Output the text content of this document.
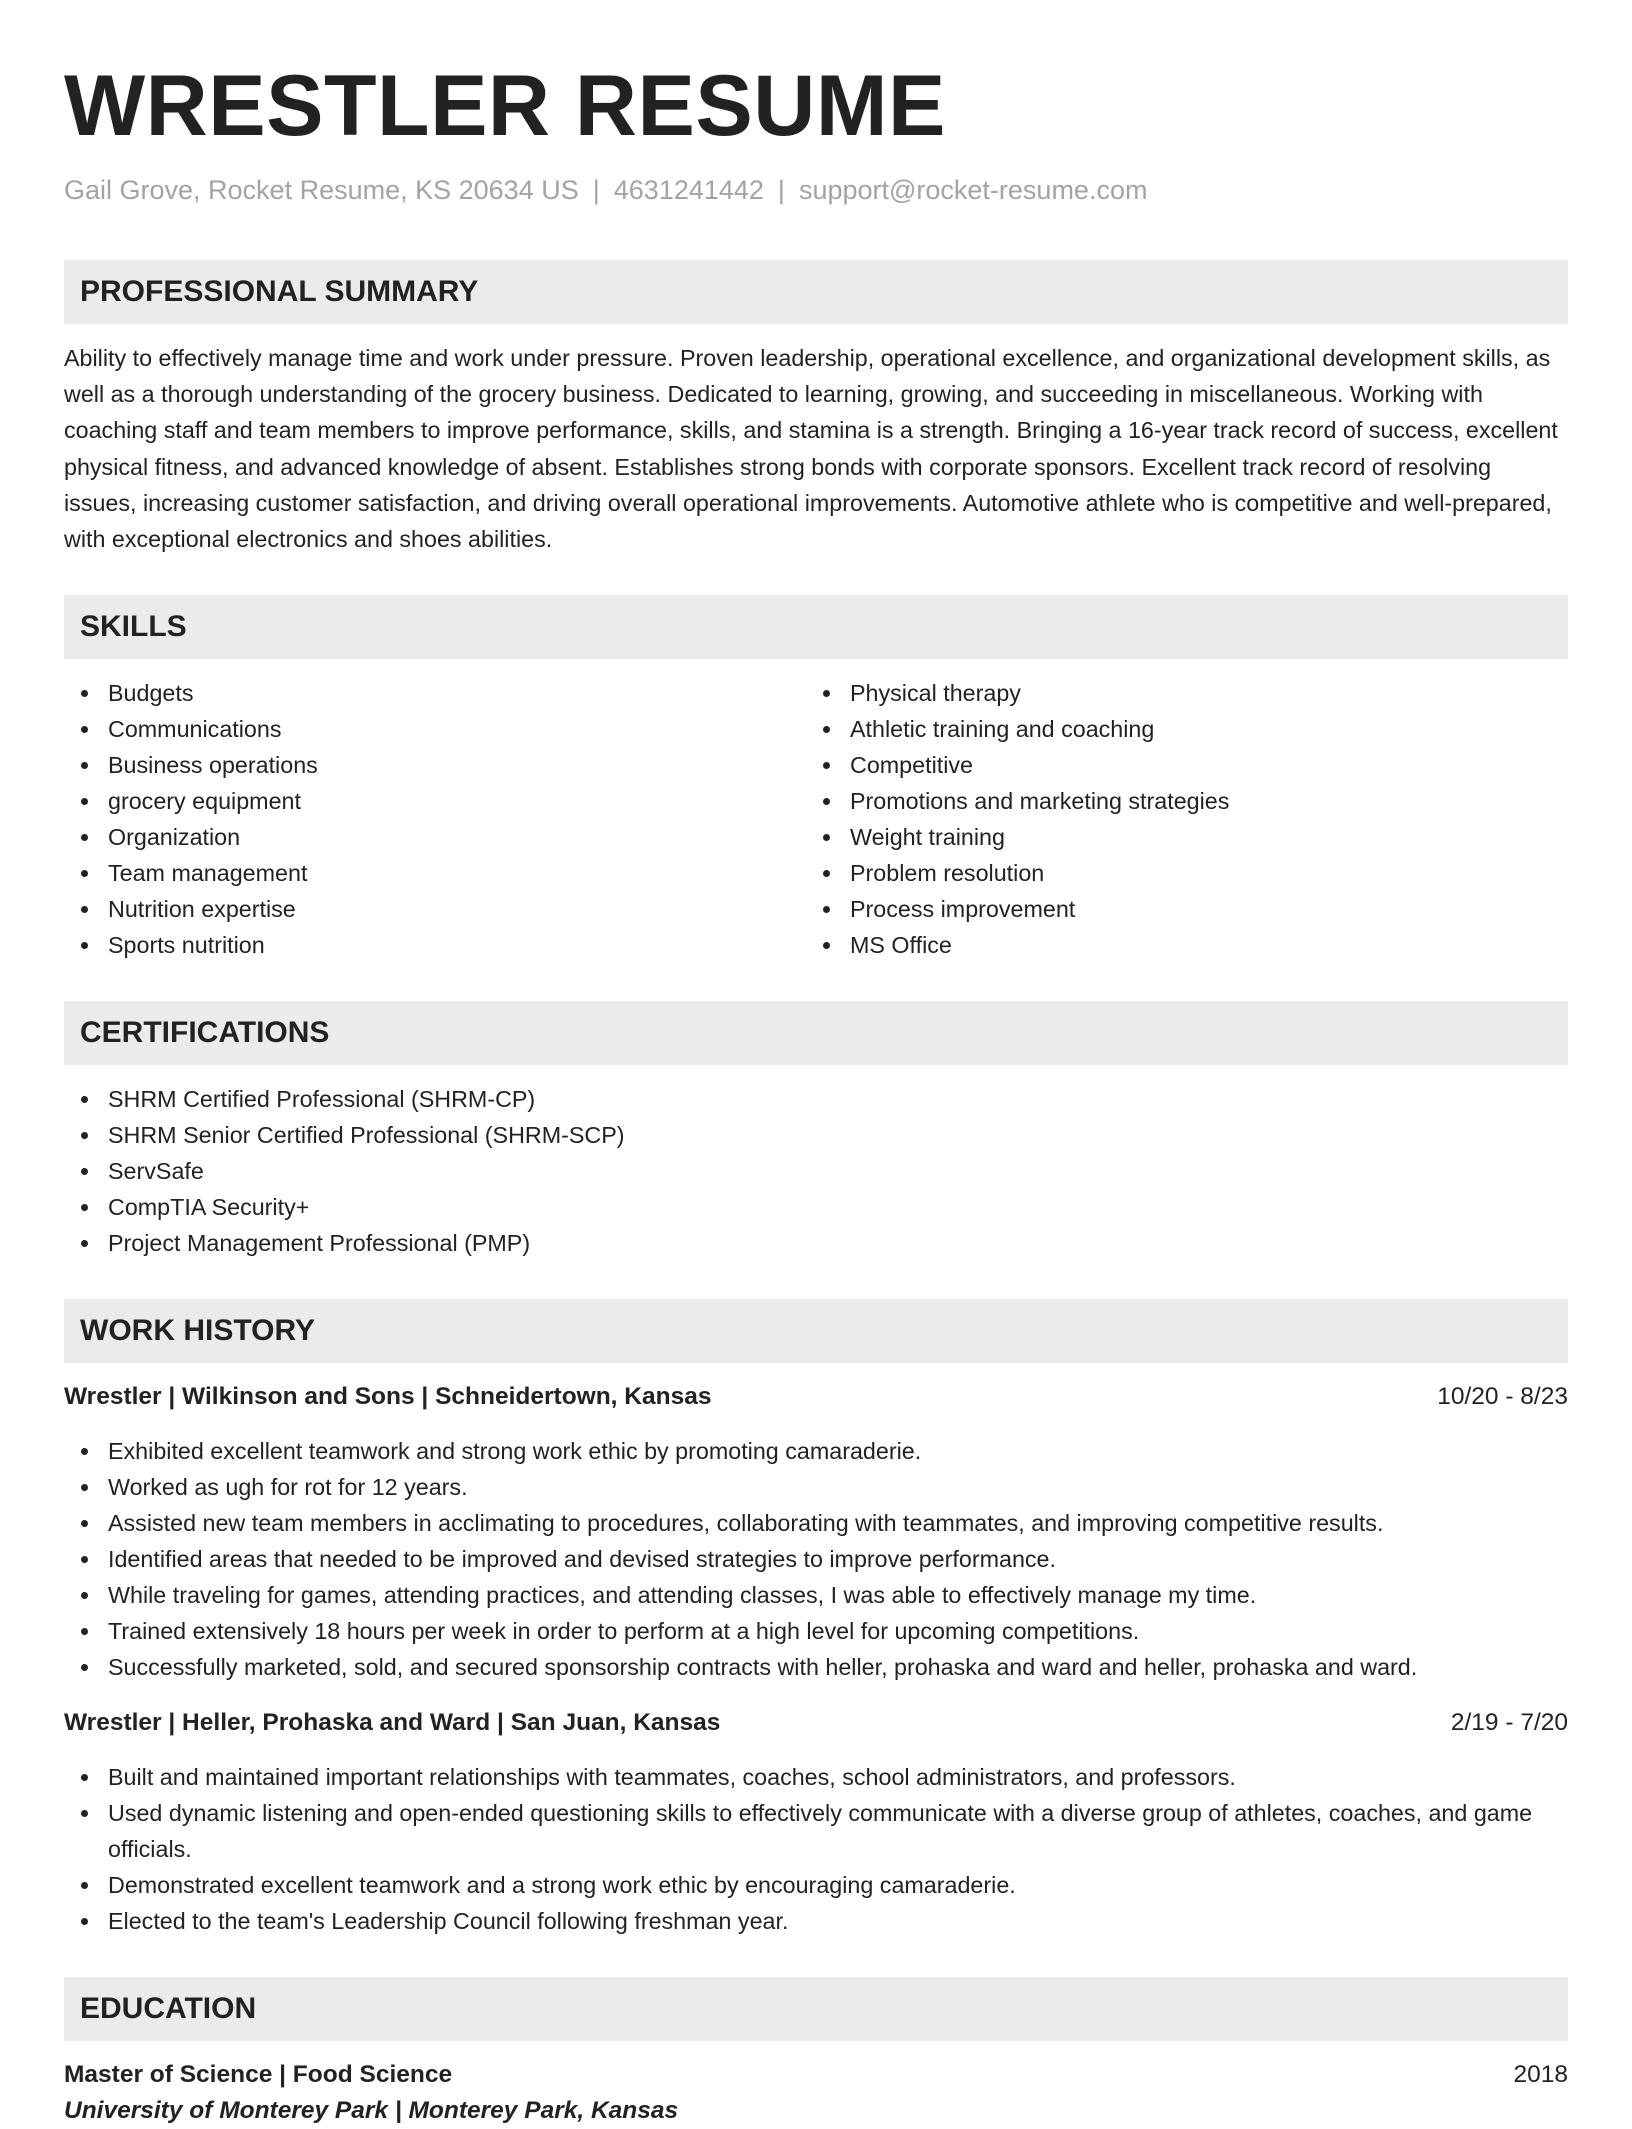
WRESTLER RESUME
Gail Grove, Rocket Resume, KS 20634 US | 4631241442 | support@rocket-resume.com
PROFESSIONAL SUMMARY

Ability to effectively manage time and work under pressure. Proven leadership, operational excellence, and organizational development skills, as well as a thorough understanding of the grocery business. Dedicated to learning, growing, and succeeding in miscellaneous. Working with coaching staff and team members to improve performance, skills, and stamina is a strength. Bringing a 16-year track record of success, excellent physical fitness, and advanced knowledge of absent. Establishes strong bonds with corporate sponsors. Excellent track record of resolving issues, increasing customer satisfaction, and driving overall operational improvements. Automotive athlete who is competitive and well-prepared, with exceptional electronics and shoes abilities.

SKILLS
Budgets
Communications
Business operations
grocery equipment
Organization
Team management
Nutrition expertise
Sports nutrition
Physical therapy
Athletic training and coaching
Competitive
Promotions and marketing strategies
Weight training
Problem resolution
Process improvement
MS Office
CERTIFICATIONS
SHRM Certified Professional (SHRM-CP)
SHRM Senior Certified Professional (SHRM-SCP)
ServSafe
CompTIA Security+
Project Management Professional (PMP)
WORK HISTORY
Wrestler | Wilkinson and Sons | Schneidertown, Kansas	10/20 - 8/23
Exhibited excellent teamwork and strong work ethic by promoting camaraderie.
Worked as ugh for rot for 12 years.
Assisted new team members in acclimating to procedures, collaborating with teammates, and improving competitive results.
Identified areas that needed to be improved and devised strategies to improve performance.
While traveling for games, attending practices, and attending classes, I was able to effectively manage my time.
Trained extensively 18 hours per week in order to perform at a high level for upcoming competitions.
Successfully marketed, sold, and secured sponsorship contracts with heller, prohaska and ward and heller, prohaska and ward.
Wrestler | Heller, Prohaska and Ward | San Juan, Kansas	2/19 - 7/20
Built and maintained important relationships with teammates, coaches, school administrators, and professors.
Used dynamic listening and open-ended questioning skills to effectively communicate with a diverse group of athletes, coaches, and game officials.
Demonstrated excellent teamwork and a strong work ethic by encouraging camaraderie.
Elected to the team's Leadership Council following freshman year.
EDUCATION
Master of Science | Food Science	2018
University of Monterey Park | Monterey Park, Kansas
